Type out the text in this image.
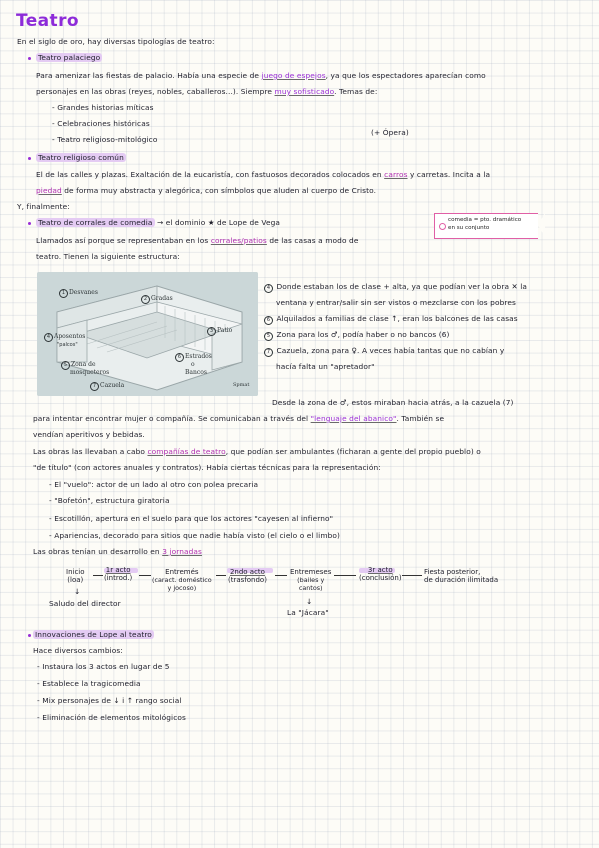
Teatro
En el siglo de oro, hay diversas tipologías de teatro:
Teatro palaciego
Para amenizar las fiestas de palacio. Había una especie de juego de espejos, ya que los espectadores aparecían como
personajes en las obras (reyes, nobles, caballeros...). Siempre muy sofisticado. Temas de:
- Grandes historias míticas
- Celebraciones históricas
- Teatro religioso-mitológico
(+ Ópera)
Teatro religioso común
El de las calles y plazas. Exaltación de la eucaristía, con fastuosos decorados colocados en carros y carretas. Incita a la
piedad de forma muy abstracta y alegórica, con símbolos que aluden al cuerpo de Cristo.
Y, finalmente:
Teatro de corrales de comedia → el dominio ★ de Lope de Vega
Llamados así porque se representaban en los corrales/patios de las casas a modo de
teatro. Tienen la siguiente estructura:
comedia = pto. dramático
en su conjunto
1 Desvanes
2 Gradas
3 Patio
4 Aposentos
"palcos"
5 Zona de
mosqueteros
6 Estrados
o
Bancos
7 Cazuela	Spmat
4 Donde estaban los de clase + alta, ya que podían ver la obra ✕ la
ventana y entrar/salir sin ser vistos o mezclarse con los pobres
6 Alquilados a familias de clase ↑, eran los balcones de las casas
5 Zona para los ♂, podía haber o no bancos (6)
7 Cazuela, zona para ♀. A veces había tantas que no cabían y
hacía falta un "apretador"
Desde la zona de ♂, estos miraban hacia atrás, a la cazuela (7)
para intentar encontrar mujer o compañía. Se comunicaban a través del "lenguaje del abanico". También se
vendían aperitivos y bebidas.
Las obras las llevaban a cabo compañías de teatro, que podían ser ambulantes (ficharan a gente del propio pueblo) o
"de título" (con actores anuales y contratos). Había ciertas técnicas para la representación:
- El "vuelo": actor de un lado al otro con polea precaria
- "Bofetón", estructura giratoria
- Escotillón, apertura en el suelo para que los actores "cayesen al infierno"
- Apariencias, decorado para sitios que nadie había visto (el cielo o el limbo)
Las obras tenían un desarrollo en 3 jornadas
Inicio
(loa)
1r acto
(introd.)
Entremés
(caract. doméstico
y jocoso)
2ndo acto
(trasfondo)
Entremeses
(bailes y
cantos)
3r acto
(conclusión)
Fiesta posterior,
de duración ilimitada
↓
Saludo del director	↓
La "Jácara"
Innovaciones de Lope al teatro
Hace diversos cambios:
- Instaura los 3 actos en lugar de 5
- Establece la tragicomedia
- Mix personajes de ↓ i ↑ rango social
- Eliminación de elementos mitológicos
